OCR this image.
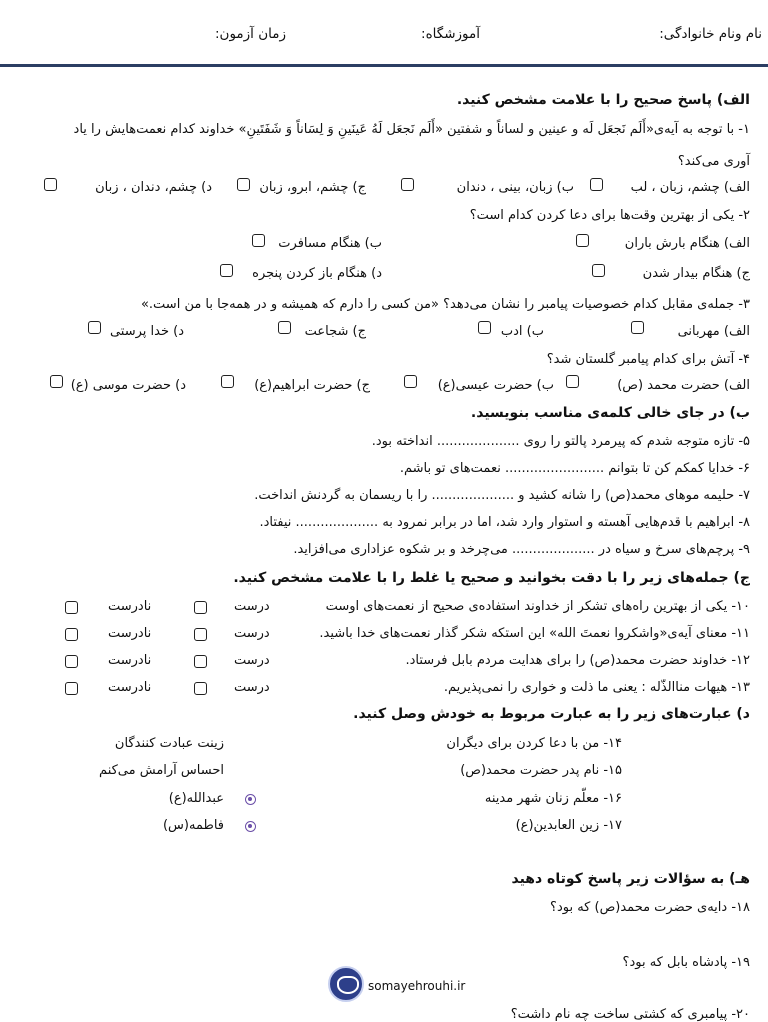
نام ونام خانوادگی:
آموزشگاه:
زمان آزمون:
الف) پاسخ صحیح را با علامت مشخص کنید.
۱- با توجه به آیه‌ی«أَلَم نَجعَل لَه و عینین و لساناً و شفتین «أَلَم نَجعَل لَهُ عَینَینِ وَ لِسَاناً وَ شَفَتَینِ» خداوند کدام نعمت‌هایش را یاد
آوری می‌کند؟
الف) چشم، زبان ، لب
ب) زبان، بینی ، دندان
ج) چشم، ابرو، زبان
د) چشم، دندان ، زبان
۲- یکی از بهترین وقت‌ها برای دعا کردن کدام است؟
الف) هنگام بارش باران
ب) هنگام مسافرت
ج) هنگام بیدار شدن
د) هنگام باز کردن پنجره
۳- جمله‌ی مقابل کدام خصوصیات پیامبر را نشان می‌دهد؟ «من کسی را دارم که همیشه و در همه‌جا با من است.»
الف) مهربانی
ب) ادب
ج) شجاعت
د) خدا پرستی
۴- آتش برای کدام پیامبر گلستان شد؟
الف) حضرت محمد (ص)
ب) حضرت عیسی(ع)
ج) حضرت ابراهیم(ع)
د) حضرت موسی (ع)
ب) در جای خالی کلمه‌ی مناسب بنویسید.
۵- تازه متوجه شدم که پیرمرد پالتو را روی .................... انداخته بود.
۶- خدایا کمکم کن تا بتوانم ........................ نعمت‌های تو باشم.
۷- حلیمه موهای محمد(ص) را شانه کشید و .................... را با ریسمان به گردنش انداخت.
۸- ابراهیم با قدم‌هایی آهسته و استوار وارد شد، اما در برابر نمرود به .................... نیفتاد.
۹- پرچم‌های سرخ و سیاه در .................... می‌چرخد و بر شکوه عزاداری می‌افزاید.
ج) جمله‌های زیر را با دقت بخوانید و صحیح یا غلط را با علامت مشخص کنید.
۱۰- یکی از بهترین راه‌های تشکر از خداوند استفاده‌ی صحیح از نعمت‌های اوست
درست
نادرست
۱۱- معنای آیه‌ی«واشکروا نعمتَ الله» این استکه شکر گذار نعمت‌های خدا باشید.
درست
نادرست
۱۲- خداوند حضرت محمد(ص) را برای هدایت مردم بابل فرستاد.
درست
نادرست
۱۳- هیهات منا‌الذّله : یعنی ما ذلت و خواری را نمی‌پذیریم.
درست
نادرست
د) عبارت‌های زیر را به عبارت مربوط به خودش وصل کنید.
۱۴- من با دعا کردن برای دیگران
۱۵- نام پدر حضرت محمد(ص)
۱۶- معلّم زنان شهر مدینه
۱۷- زین العابدین(ع)
زینت عبادت کنندگان
احساس آرامش می‌کنم
عبدالله(ع)
فاطمه(س)
هـ) به سؤالات زیر پاسخ کوتاه دهید
۱۸- دایه‌ی حضرت محمد(ص) که بود؟
۱۹- پادشاه بابل که بود؟
۲۰- پیامبری که کشتی ساخت چه نام داشت؟
somayehrouhi.ir
